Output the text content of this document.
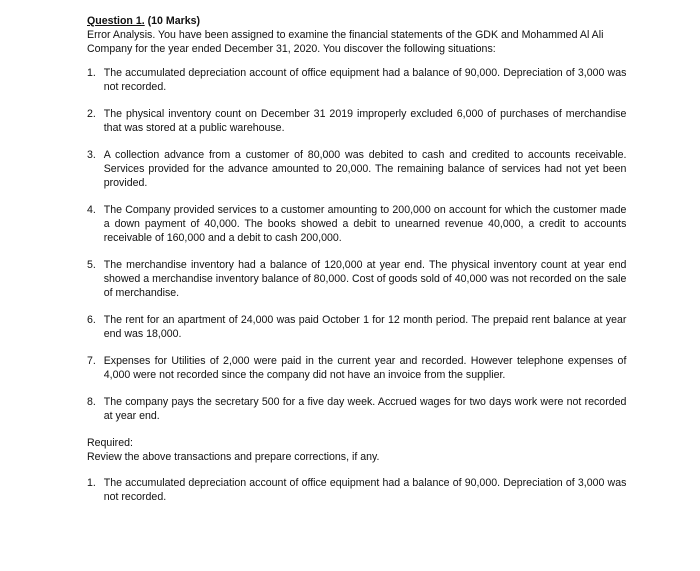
Question 1. (10 Marks)

Error Analysis. You have been assigned to examine the financial statements of the GDK and Mohammed Al Ali Company for the year ended December 31, 2020. You discover the following situations:

1. The accumulated depreciation account of office equipment had a balance of 90,000. Depreciation of 3,000 was not recorded.
2. The physical inventory count on December 31 2019 improperly excluded 6,000 of purchases of merchandise that was stored at a public warehouse.
3. A collection advance from a customer of 80,000 was debited to cash and credited to accounts receivable. Services provided for the advance amounted to 20,000. The remaining balance of services had not yet been provided.
4. The Company provided services to a customer amounting to 200,000 on account for which the customer made a down payment of 40,000. The books showed a debit to unearned revenue 40,000, a credit to accounts receivable of 160,000 and a debit to cash 200,000.
5. The merchandise inventory had a balance of 120,000 at year end. The physical inventory count at year end showed a merchandise inventory balance of 80,000. Cost of goods sold of 40,000 was not recorded on the sale of merchandise.
6. The rent for an apartment of 24,000 was paid October 1 for 12 month period. The prepaid rent balance at year end was 18,000.
7. Expenses for Utilities of 2,000 were paid in the current year and recorded. However telephone expenses of 4,000 were not recorded since the company did not have an invoice from the supplier.
8. The company pays the secretary 500 for a five day week. Accrued wages for two days work were not recorded at year end.

Required:

Review the above transactions and prepare corrections, if any.

1. The accumulated depreciation account of office equipment had a balance of 90,000. Depreciation of 3,000 was not recorded.
